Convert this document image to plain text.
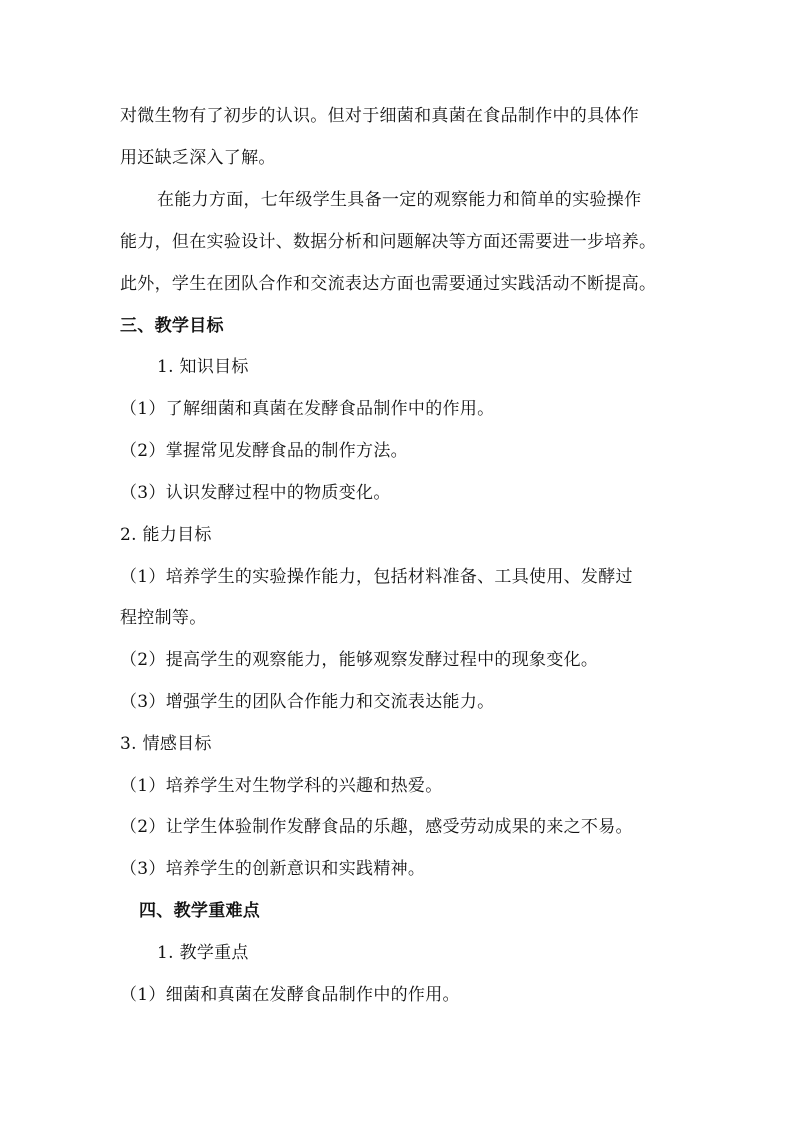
对微生物有了初步的认识。但对于细菌和真菌在食品制作中的具体作
用还缺乏深入了解。
在能力方面，七年级学生具备一定的观察能力和简单的实验操作
能力，但在实验设计、数据分析和问题解决等方面还需要进一步培养。
此外，学生在团队合作和交流表达方面也需要通过实践活动不断提高。
三、教学目标
1. 知识目标
（1）了解细菌和真菌在发酵食品制作中的作用。
（2）掌握常见发酵食品的制作方法。
（3）认识发酵过程中的物质变化。
2. 能力目标
（1）培养学生的实验操作能力，包括材料准备、工具使用、发酵过
程控制等。
（2）提高学生的观察能力，能够观察发酵过程中的现象变化。
（3）增强学生的团队合作能力和交流表达能力。
3. 情感目标
（1）培养学生对生物学科的兴趣和热爱。
（2）让学生体验制作发酵食品的乐趣，感受劳动成果的来之不易。
（3）培养学生的创新意识和实践精神。
四、教学重难点
1. 教学重点
（1）细菌和真菌在发酵食品制作中的作用。
